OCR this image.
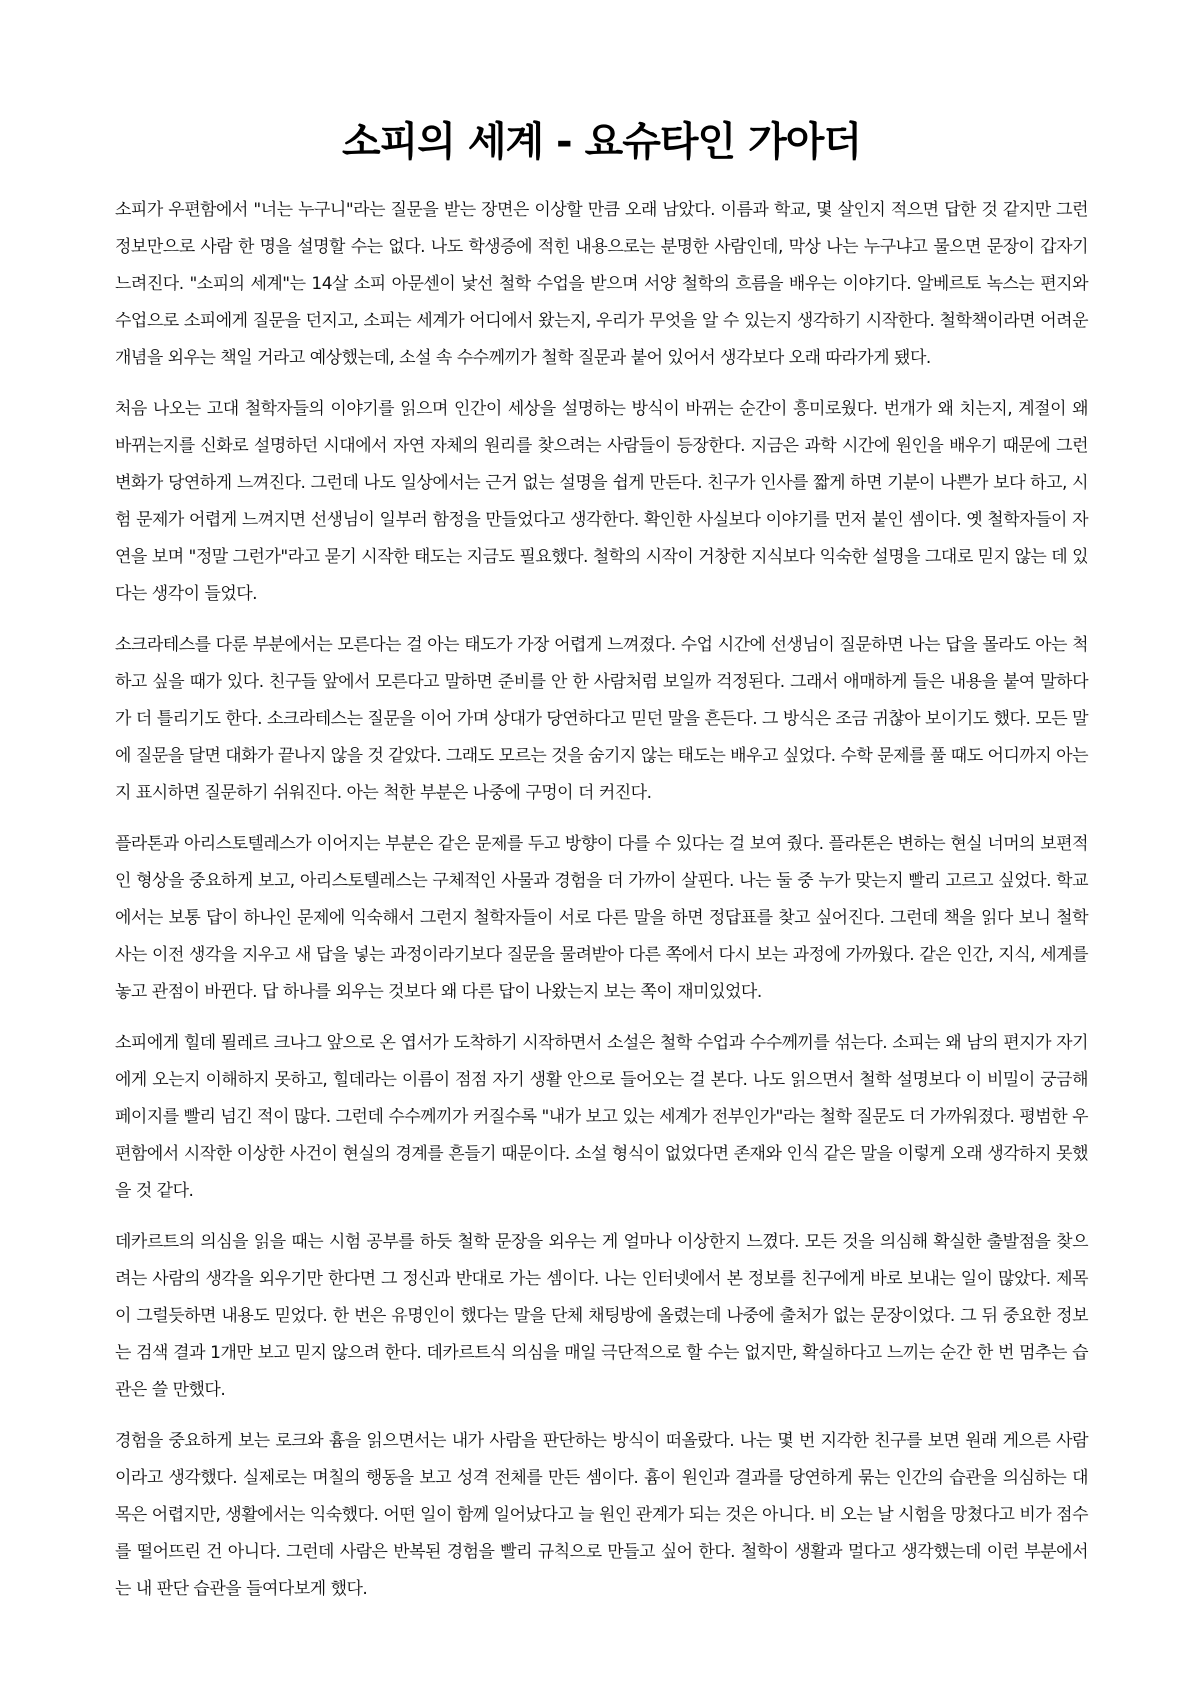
소피의 세계 - 요슈타인 가아더

소피가 우편함에서 "너는 누구니"라는 질문을 받는 장면은 이상할 만큼 오래 남았다. 이름과 학교, 몇 살인지 적으면 답한 것 같지만 그런 정보만으로 사람 한 명을 설명할 수는 없다. 나도 학생증에 적힌 내용으로는 분명한 사람인데, 막상 나는 누구냐고 물으면 문장이 갑자기 느려진다. "소피의 세계"는 14살 소피 아문센이 낯선 철학 수업을 받으며 서양 철학의 흐름을 배우는 이야기다. 알베르토 녹스는 편지와 수업으로 소피에게 질문을 던지고, 소피는 세계가 어디에서 왔는지, 우리가 무엇을 알 수 있는지 생각하기 시작한다. 철학책이라면 어려운 개념을 외우는 책일 거라고 예상했는데, 소설 속 수수께끼가 철학 질문과 붙어 있어서 생각보다 오래 따라가게 됐다.

처음 나오는 고대 철학자들의 이야기를 읽으며 인간이 세상을 설명하는 방식이 바뀌는 순간이 흥미로웠다. 번개가 왜 치는지, 계절이 왜 바뀌는지를 신화로 설명하던 시대에서 자연 자체의 원리를 찾으려는 사람들이 등장한다. 지금은 과학 시간에 원인을 배우기 때문에 그런 변화가 당연하게 느껴진다. 그런데 나도 일상에서는 근거 없는 설명을 쉽게 만든다. 친구가 인사를 짧게 하면 기분이 나쁜가 보다 하고, 시험 문제가 어렵게 느껴지면 선생님이 일부러 함정을 만들었다고 생각한다. 확인한 사실보다 이야기를 먼저 붙인 셈이다. 옛 철학자들이 자연을 보며 "정말 그런가"라고 묻기 시작한 태도는 지금도 필요했다. 철학의 시작이 거창한 지식보다 익숙한 설명을 그대로 믿지 않는 데 있다는 생각이 들었다.

소크라테스를 다룬 부분에서는 모른다는 걸 아는 태도가 가장 어렵게 느껴졌다. 수업 시간에 선생님이 질문하면 나는 답을 몰라도 아는 척하고 싶을 때가 있다. 친구들 앞에서 모른다고 말하면 준비를 안 한 사람처럼 보일까 걱정된다. 그래서 애매하게 들은 내용을 붙여 말하다가 더 틀리기도 한다. 소크라테스는 질문을 이어 가며 상대가 당연하다고 믿던 말을 흔든다. 그 방식은 조금 귀찮아 보이기도 했다. 모든 말에 질문을 달면 대화가 끝나지 않을 것 같았다. 그래도 모르는 것을 숨기지 않는 태도는 배우고 싶었다. 수학 문제를 풀 때도 어디까지 아는지 표시하면 질문하기 쉬워진다. 아는 척한 부분은 나중에 구멍이 더 커진다.

플라톤과 아리스토텔레스가 이어지는 부분은 같은 문제를 두고 방향이 다를 수 있다는 걸 보여 줬다. 플라톤은 변하는 현실 너머의 보편적인 형상을 중요하게 보고, 아리스토텔레스는 구체적인 사물과 경험을 더 가까이 살핀다. 나는 둘 중 누가 맞는지 빨리 고르고 싶었다. 학교에서는 보통 답이 하나인 문제에 익숙해서 그런지 철학자들이 서로 다른 말을 하면 정답표를 찾고 싶어진다. 그런데 책을 읽다 보니 철학사는 이전 생각을 지우고 새 답을 넣는 과정이라기보다 질문을 물려받아 다른 쪽에서 다시 보는 과정에 가까웠다. 같은 인간, 지식, 세계를 놓고 관점이 바뀐다. 답 하나를 외우는 것보다 왜 다른 답이 나왔는지 보는 쪽이 재미있었다.

소피에게 힐데 묄레르 크나그 앞으로 온 엽서가 도착하기 시작하면서 소설은 철학 수업과 수수께끼를 섞는다. 소피는 왜 남의 편지가 자기에게 오는지 이해하지 못하고, 힐데라는 이름이 점점 자기 생활 안으로 들어오는 걸 본다. 나도 읽으면서 철학 설명보다 이 비밀이 궁금해 페이지를 빨리 넘긴 적이 많다. 그런데 수수께끼가 커질수록 "내가 보고 있는 세계가 전부인가"라는 철학 질문도 더 가까워졌다. 평범한 우편함에서 시작한 이상한 사건이 현실의 경계를 흔들기 때문이다. 소설 형식이 없었다면 존재와 인식 같은 말을 이렇게 오래 생각하지 못했을 것 같다.

데카르트의 의심을 읽을 때는 시험 공부를 하듯 철학 문장을 외우는 게 얼마나 이상한지 느꼈다. 모든 것을 의심해 확실한 출발점을 찾으려는 사람의 생각을 외우기만 한다면 그 정신과 반대로 가는 셈이다. 나는 인터넷에서 본 정보를 친구에게 바로 보내는 일이 많았다. 제목이 그럴듯하면 내용도 믿었다. 한 번은 유명인이 했다는 말을 단체 채팅방에 올렸는데 나중에 출처가 없는 문장이었다. 그 뒤 중요한 정보는 검색 결과 1개만 보고 믿지 않으려 한다. 데카르트식 의심을 매일 극단적으로 할 수는 없지만, 확실하다고 느끼는 순간 한 번 멈추는 습관은 쓸 만했다.

경험을 중요하게 보는 로크와 흄을 읽으면서는 내가 사람을 판단하는 방식이 떠올랐다. 나는 몇 번 지각한 친구를 보면 원래 게으른 사람이라고 생각했다. 실제로는 며칠의 행동을 보고 성격 전체를 만든 셈이다. 흄이 원인과 결과를 당연하게 묶는 인간의 습관을 의심하는 대목은 어렵지만, 생활에서는 익숙했다. 어떤 일이 함께 일어났다고 늘 원인 관계가 되는 것은 아니다. 비 오는 날 시험을 망쳤다고 비가 점수를 떨어뜨린 건 아니다. 그런데 사람은 반복된 경험을 빨리 규칙으로 만들고 싶어 한다. 철학이 생활과 멀다고 생각했는데 이런 부분에서는 내 판단 습관을 들여다보게 했다.
